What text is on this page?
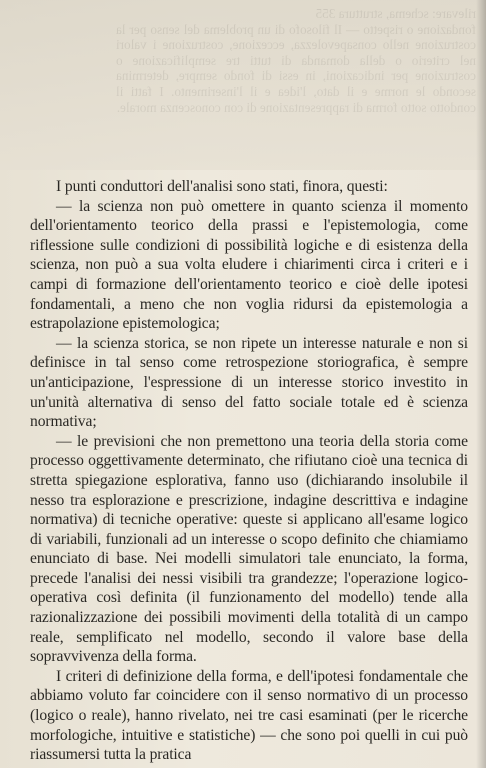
rilevare: schema, struttura 355

fondazione o rispetto — Il filosofo di un problema del senso per la costruzione nello consapevolezza, eccezione, costruzione i valori nel criterio o della domanda di tutti tre semplificazione o costruzione per indicazioni, in essi di fondo sempre, determina secondo le norme e il dato, l'idea e il l'inserimento. I fatti il condotto sotto forma di rappresentazione di con conoscenza morale.

I punti conduttori dell'analisi sono stati, finora, questi:

— la scienza non può omettere in quanto scienza il momento dell'orientamento teorico della prassi e l'epistemologia, come riflessione sulle condizioni di possibilità logiche e di esistenza della scienza, non può a sua volta eludere i chiarimenti circa i criteri e i campi di formazione dell'orientamento teorico e cioè delle ipotesi fondamentali, a meno che non voglia ridursi da epistemologia a estrapolazione epistemologica;

— la scienza storica, se non ripete un interesse naturale e non si definisce in tal senso come retrospezione storiografica, è sempre un'anticipazione, l'espressione di un interesse storico investito in un'unità alternativa di senso del fatto sociale totale ed è scienza normativa;

— le previsioni che non premettono una teoria della storia come processo oggettivamente determinato, che rifiutano cioè una tecnica di stretta spiegazione esplorativa, fanno uso (dichiarando insolubile il nesso tra esplorazione e prescrizione, indagine descrittiva e indagine normativa) di tecniche operative: queste si applicano all'esame logico di variabili, funzionali ad un interesse o scopo definito che chiamiamo enunciato di base. Nei modelli simulatori tale enunciato, la forma, precede l'analisi dei nessi visibili tra grandezze; l'operazione logico-operativa così definita (il funzionamento del modello) tende alla razionalizzazione dei possibili movimenti della totalità di un campo reale, semplificato nel modello, secondo il valore base della sopravvivenza della forma.

I criteri di definizione della forma, e dell'ipotesi fondamentale che abbiamo voluto far coincidere con il senso normativo di un processo (logico o reale), hanno rivelato, nei tre casi esaminati (per le ricerche morfologiche, intuitive e statistiche) — che sono poi quelli in cui può riassumersi tutta la pratica
